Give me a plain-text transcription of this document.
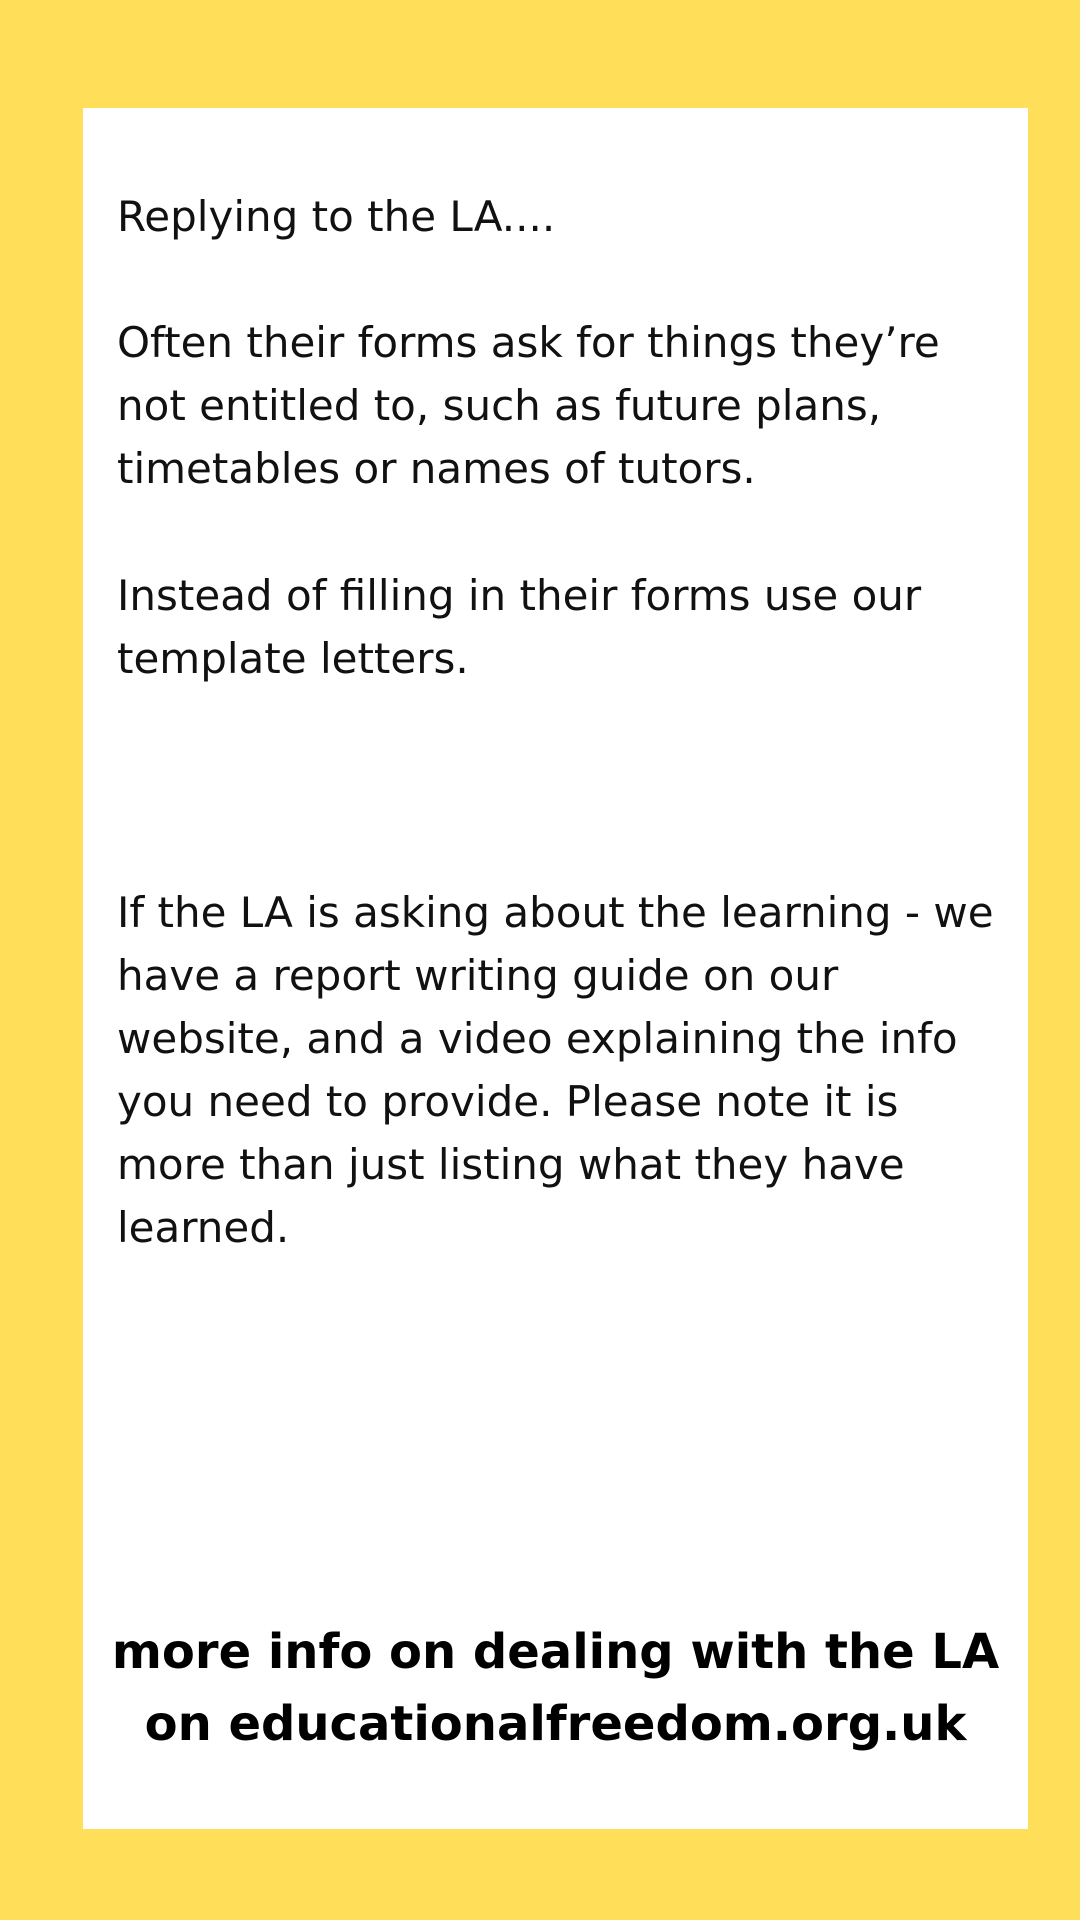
Replying to the LA....

Often their forms ask for things they’re not entitled to, such as future plans, timetables or names of tutors.

Instead of filling in their forms use our template letters.

If the LA is asking about the learning - we have a report writing guide on our website, and a video explaining the info you need to provide. Please note it is more than just listing what they have learned.

more info on dealing with the LA
on educationalfreedom.org.uk
